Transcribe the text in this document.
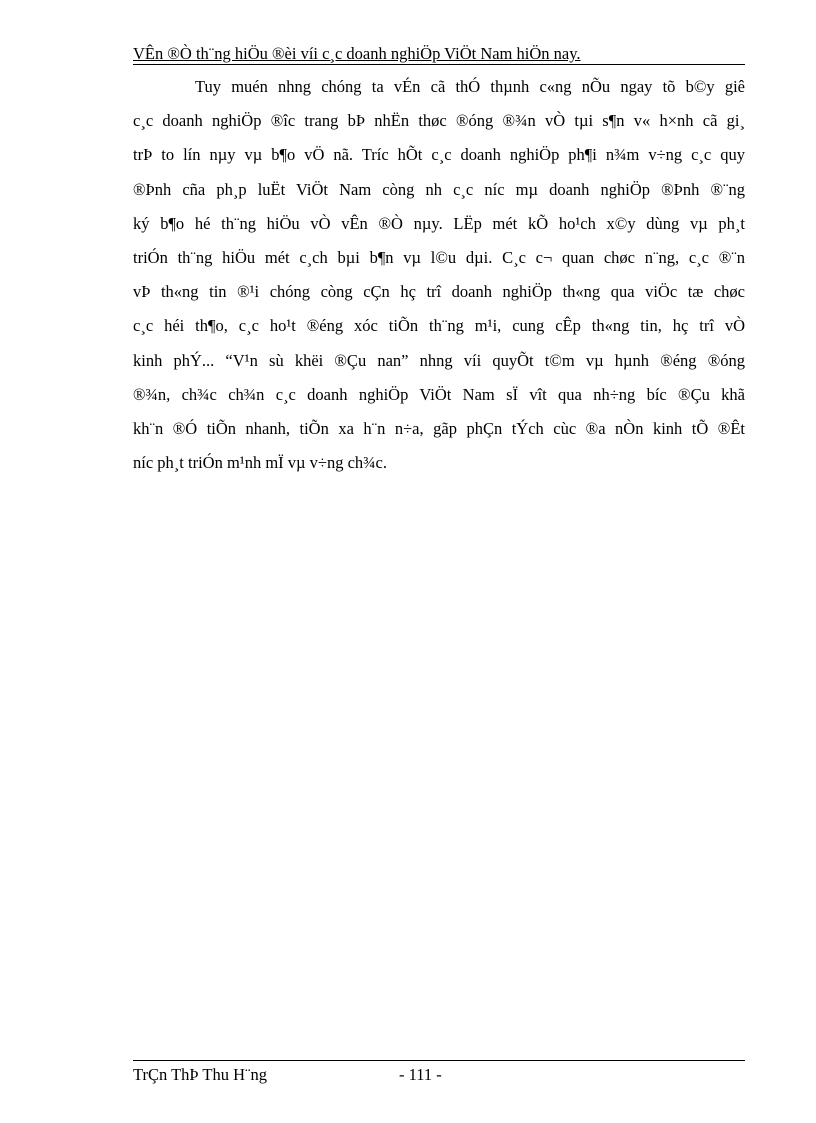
VÊn ®Ò th¨ng hiÖu ®èi víi c¸c doanh nghiÖp ViÖt Nam hiÖn nay.
Tuy muén nhng chóng ta vÉn cã thÓ thµnh c«ng nÕu ngay tõ b©y giê
c¸c doanh nghiÖp ®îc trang bÞ nhËn thøc ®óng ®¾n vÒ tµi s¶n v« h×nh cã gi¸
trÞ to lín nµy vµ b¶o vÖ nã. Tríc hÕt c¸c doanh nghiÖp ph¶i n¾m v÷ng c¸c quy
®Þnh cña ph¸p luËt ViÖt Nam còng nh c¸c níc mµ doanh nghiÖp ®Þnh ®¨ng
ký b¶o hé th¨ng hiÖu vÒ vÊn ®Ò nµy. LËp mét kÕ ho¹ch x©y dùng vµ ph¸t
triÓn th¨ng hiÖu mét c¸ch bµi b¶n vµ l©u dµi. C¸c c¬ quan chøc n¨ng, c¸c ®¨n
vÞ th«ng tin ®¹i chóng còng cÇn hç trî doanh nghiÖp th«ng qua viÖc tæ chøc
c¸c héi th¶o, c¸c ho¹t ®éng xóc tiÕn th¨ng m¹i, cung cÊp th«ng tin, hç trî vÒ
kinh phÝ... “V¹n sù khëi ®Çu nan” nhng víi quyÕt t©m vµ hµnh ®éng ®óng
®¾n, ch¾c ch¾n c¸c doanh nghiÖp ViÖt Nam sÏ vît qua nh÷ng bíc ®Çu khã
kh¨n ®Ó tiÕn nhanh, tiÕn xa h¨n n÷a, gãp phÇn tÝch cùc ®a nÒn kinh tÕ ®Êt
níc ph¸t triÓn m¹nh mÏ vµ v÷ng ch¾c.
TrÇn ThÞ Thu H¨ng	- 111 -
